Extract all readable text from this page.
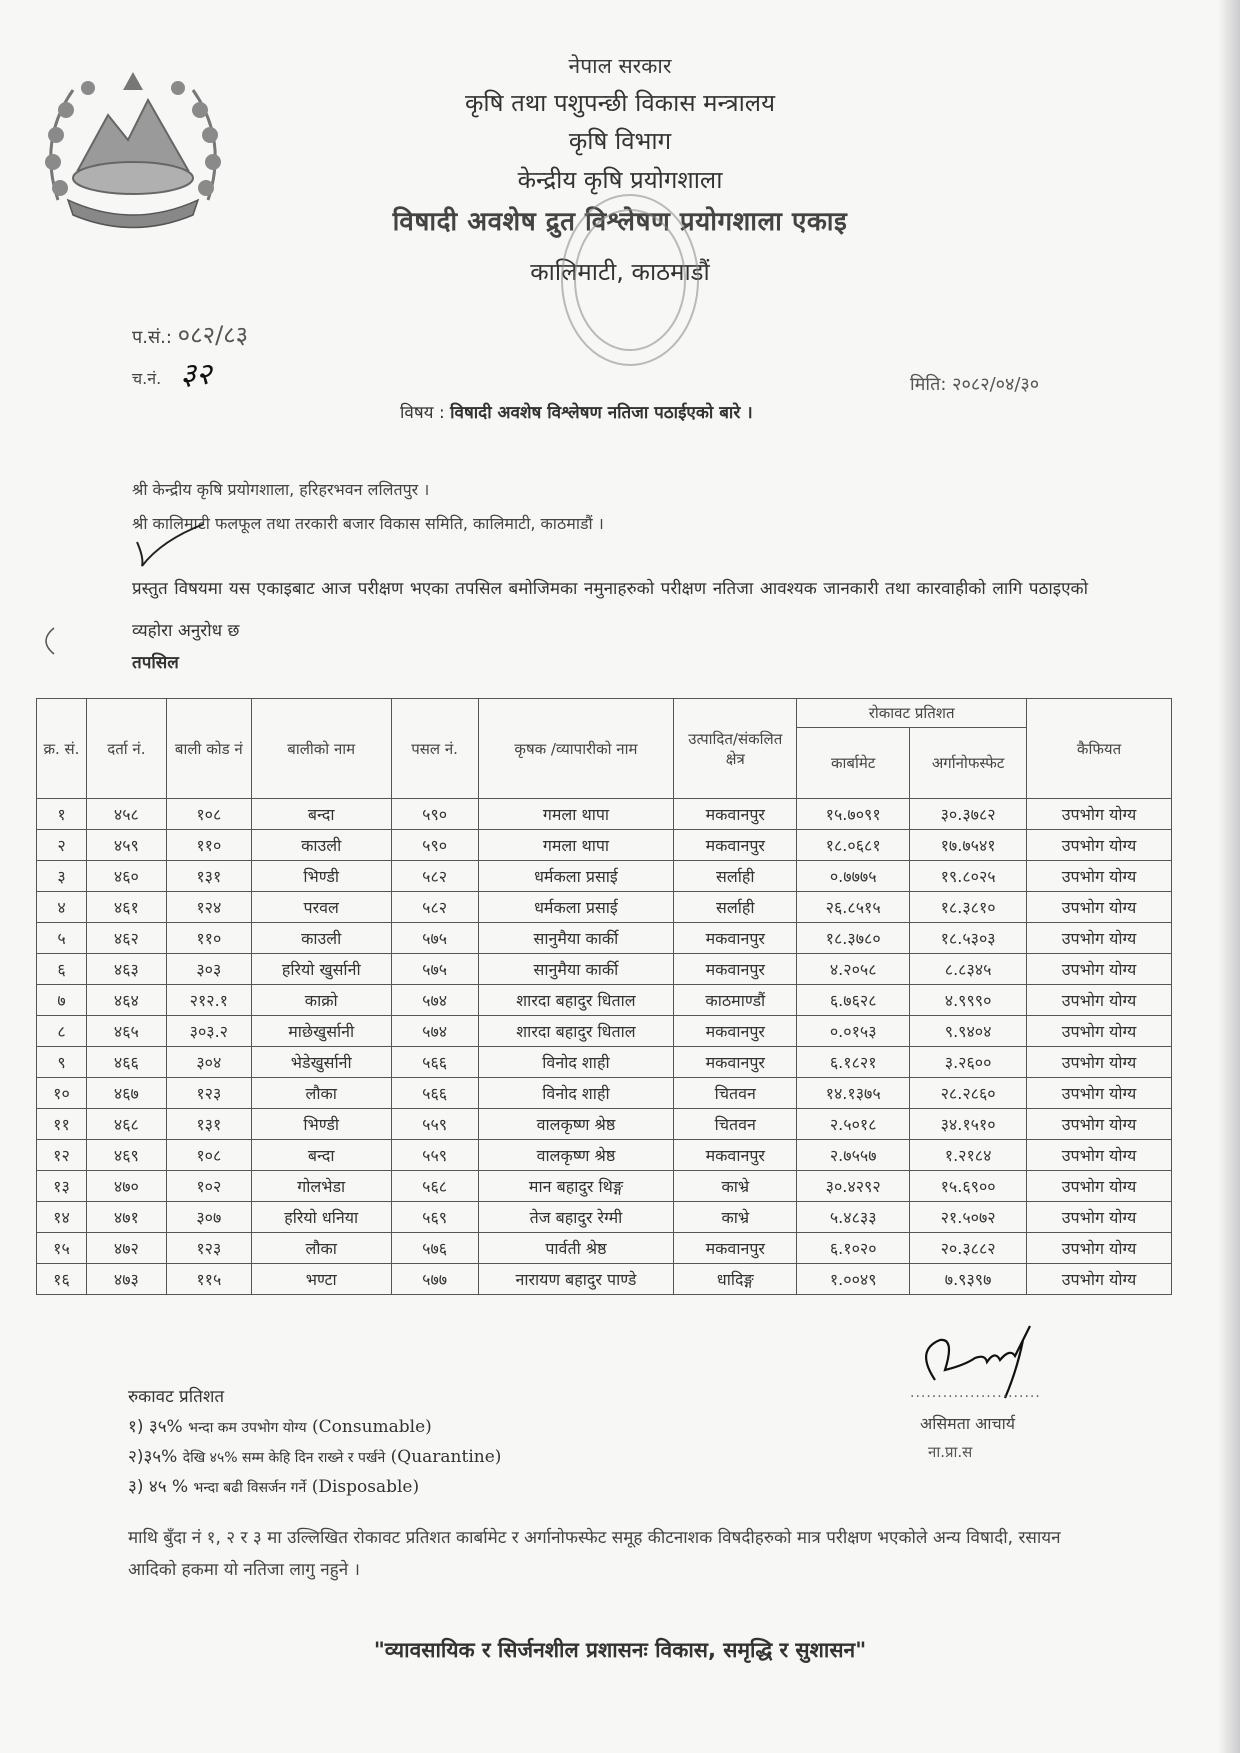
नेपाल सरकार
कृषि तथा पशुपन्छी विकास मन्त्रालय
कृषि विभाग
केन्द्रीय कृषि प्रयोगशाला
विषादी अवशेष द्रुत विश्लेषण प्रयोगशाला एकाइ
कालिमाटी, काठमाडौं
प.सं.: ०८२/८३
च.नं. ३२	मिति: २०८२/०४/३०
विषय : विषादी अवशेष विश्लेषण नतिजा पठाईएको बारे ।
श्री केन्द्रीय कृषि प्रयोगशाला, हरिहरभवन ललितपुर ।
श्री कालिमाटी फलफूल तथा तरकारी बजार विकास समिति, कालिमाटी, काठमाडौं ।
प्रस्तुत विषयमा यस एकाइबाट आज परीक्षण भएका तपसिल बमोजिमका नमुनाहरुको परीक्षण नतिजा आवश्यक जानकारी तथा कारवाहीको लागि पठाइएको व्यहोरा अनुरोध छ
तपसिल
क्र. सं.	दर्ता नं.	बाली कोड नं	बालीको नाम	पसल नं.	कृषक /व्यापारीको नाम	उत्पादित/संकलित क्षेत्र	रोकावट प्रतिशत		कैफियत
							कार्बामेट	अर्गानोफस्फेट	
१	४५८	१०८	बन्दा	५९०	गमला थापा	मकवानपुर	१५.७०९१	३०.३७८२	उपभोग योग्य
२	४५९	११०	काउली	५९०	गमला थापा	मकवानपुर	१८.०६८१	१७.७५४१	उपभोग योग्य
३	४६०	१३१	भिण्डी	५८२	धर्मकला प्रसाई	सर्लाही	०.७७७५	१९.८०२५	उपभोग योग्य
४	४६१	१२४	परवल	५८२	धर्मकला प्रसाई	सर्लाही	२६.८५१५	१८.३८१०	उपभोग योग्य
५	४६२	११०	काउली	५७५	सानुमैया कार्की	मकवानपुर	१८.३७८०	१८.५३०३	उपभोग योग्य
६	४६३	३०३	हरियो खुर्सानी	५७५	सानुमैया कार्की	मकवानपुर	४.२०५८	८.८३४५	उपभोग योग्य
७	४६४	२१२.१	काक्रो	५७४	शारदा बहादुर धिताल	काठमाण्डौं	६.७६२८	४.९९९०	उपभोग योग्य
८	४६५	३०३.२	माछेखुर्सानी	५७४	शारदा बहादुर धिताल	मकवानपुर	०.०१५३	९.९४०४	उपभोग योग्य
९	४६६	३०४	भेडेखुर्सानी	५६६	विनोद शाही	मकवानपुर	६.१८२१	३.२६००	उपभोग योग्य
१०	४६७	१२३	लौका	५६६	विनोद शाही	चितवन	१४.१३७५	२८.२८६०	उपभोग योग्य
११	४६८	१३१	भिण्डी	५५९	वालकृष्ण श्रेष्ठ	चितवन	२.५०१८	३४.१५१०	उपभोग योग्य
१२	४६९	१०८	बन्दा	५५९	वालकृष्ण श्रेष्ठ	मकवानपुर	२.७५५७	१.२१८४	उपभोग योग्य
१३	४७०	१०२	गोलभेडा	५६८	मान बहादुर थिङ्ग	काभ्रे	३०.४२९२	१५.६९००	उपभोग योग्य
१४	४७१	३०७	हरियो धनिया	५६९	तेज बहादुर रेग्मी	काभ्रे	५.४८३३	२१.५०७२	उपभोग योग्य
१५	४७२	१२३	लौका	५७६	पार्वती श्रेष्ठ	मकवानपुर	६.१०२०	२०.३८८२	उपभोग योग्य
१६	४७३	११५	भण्टा	५७७	नारायण बहादुर पाण्डे	धादिङ्ग	१.००४९	७.९३९७	उपभोग योग्य
........................
असिमता आचार्य
ना.प्रा.स
रुकावट प्रतिशत
१) ३५% भन्दा कम उपभोग योग्य (Consumable)
२)३५% देखि ४५% सम्म केहि दिन राख्ने र पर्खने (Quarantine)
३) ४५ % भन्दा बढी विसर्जन गर्ने (Disposable)
माथि बुँदा नं १, २ र ३ मा उल्लिखित रोकावट प्रतिशत कार्बामेट र अर्गानोफस्फेट समूह कीटनाशक विषदीहरुको मात्र परीक्षण भएकोले अन्य विषादी, रसायन आदिको हकमा यो नतिजा लागु नहुने ।
"व्यावसायिक र सिर्जनशील प्रशासनः विकास, समृद्धि र सुशासन"
